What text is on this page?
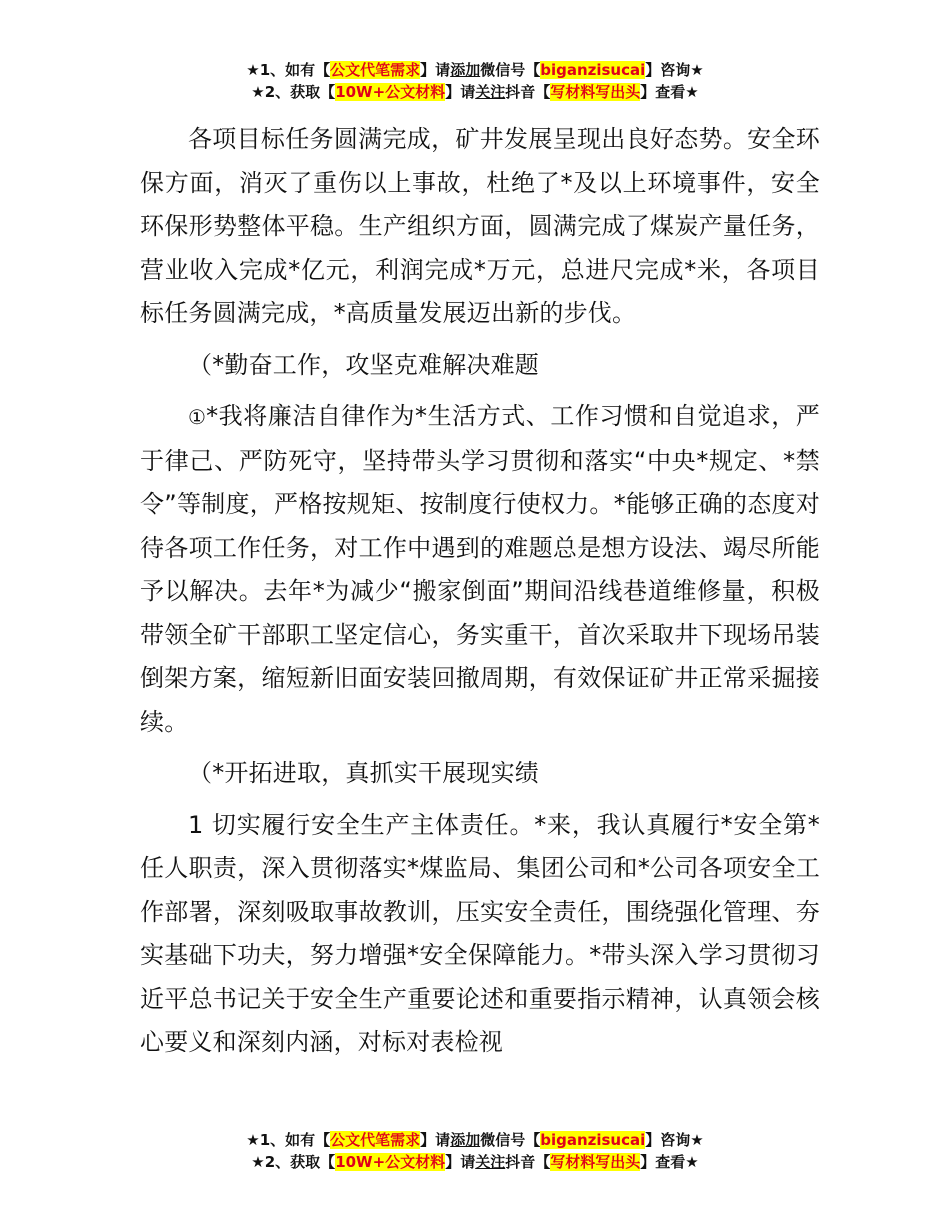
★1、如有【公文代笔需求】请添加微信号【biganzisucai】咨询★
★2、获取【10W+公文材料】请关注抖音【写材料写出头】查看★

各项目标任务圆满完成，矿井发展呈现出良好态势。安全环保方面，消灭了重伤以上事故，杜绝了*及以上环境事件，安全环保形势整体平稳。生产组织方面，圆满完成了煤炭产量任务，营业收入完成*亿元，利润完成*万元，总进尺完成*米，各项目标任务圆满完成，*高质量发展迈出新的步伐。

（*勤奋工作，攻坚克难解决难题

①*我将廉洁自律作为*生活方式、工作习惯和自觉追求，严于律己、严防死守，坚持带头学习贯彻和落实“中央*规定、*禁令”等制度，严格按规矩、按制度行使权力。*能够正确的态度对待各项工作任务，对工作中遇到的难题总是想方设法、竭尽所能予以解决。去年*为减少“搬家倒面”期间沿线巷道维修量，积极带领全矿干部职工坚定信心，务实重干，首次采取井下现场吊装倒架方案，缩短新旧面安装回撤周期，有效保证矿井正常采掘接续。

（*开拓进取，真抓实干展现实绩

1 切实履行安全生产主体责任。*来，我认真履行*安全第*任人职责，深入贯彻落实*煤监局、集团公司和*公司各项安全工作部署，深刻吸取事故教训，压实安全责任，围绕强化管理、夯实基础下功夫，努力增强*安全保障能力。*带头深入学习贯彻习近平总书记关于安全生产重要论述和重要指示精神，认真领会核心要义和深刻内涵，对标对表检视

★1、如有【公文代笔需求】请添加微信号【biganzisucai】咨询★
★2、获取【10W+公文材料】请关注抖音【写材料写出头】查看★
